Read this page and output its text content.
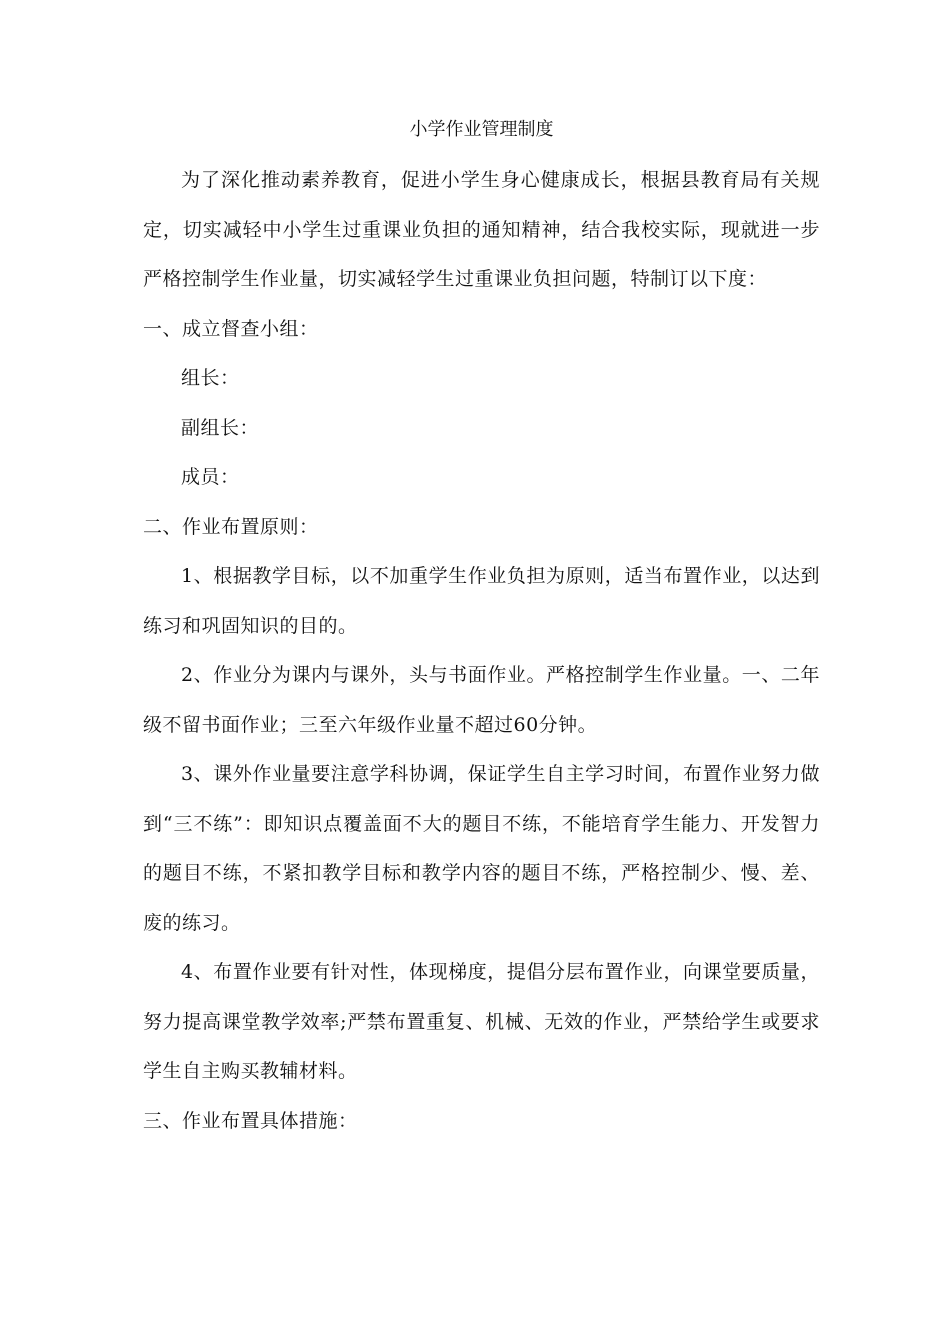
小学作业管理制度

为了深化推动素养教育，促进小学生身心健康成长，根据县教育局有关规定，切实减轻中小学生过重课业负担的通知精神，结合我校实际，现就进一步严格控制学生作业量，切实减轻学生过重课业负担问题，特制订以下度：

一、成立督查小组：

组长：

副组长：

成员：

二、作业布置原则：

1、根据教学目标，以不加重学生作业负担为原则，适当布置作业，以达到练习和巩固知识的目的。

2、作业分为课内与课外，头与书面作业。严格控制学生作业量。一、二年级不留书面作业；三至六年级作业量不超过60分钟。

3、课外作业量要注意学科协调，保证学生自主学习时间，布置作业努力做到“三不练”：即知识点覆盖面不大的题目不练，不能培育学生能力、开发智力的题目不练，不紧扣教学目标和教学内容的题目不练，严格控制少、慢、差、废的练习。

4、布置作业要有针对性，体现梯度，提倡分层布置作业，向课堂要质量，努力提高课堂教学效率;严禁布置重复、机械、无效的作业，严禁给学生或要求学生自主购买教辅材料。

三、作业布置具体措施：
